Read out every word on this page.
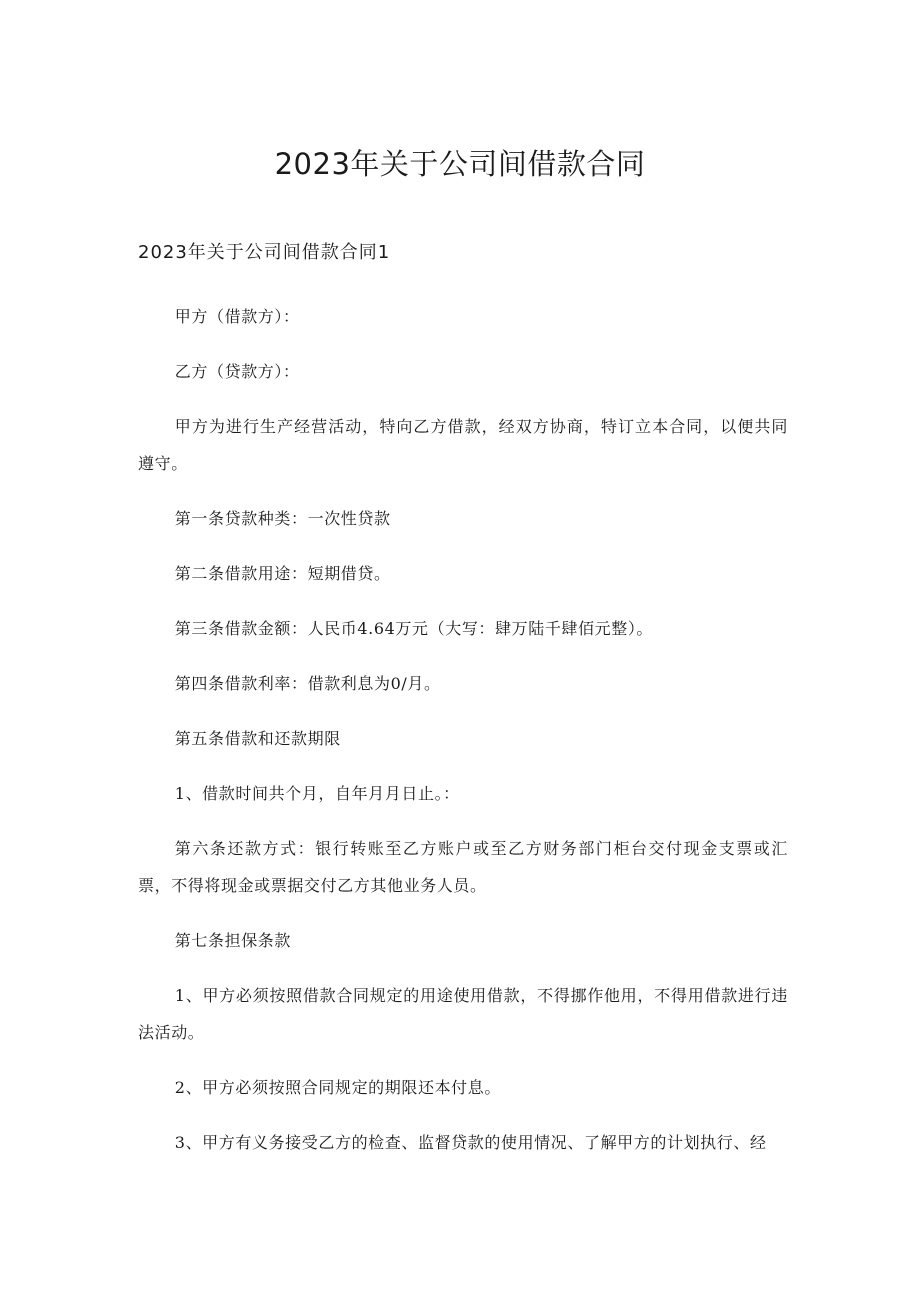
2023年关于公司间借款合同
2023年关于公司间借款合同1

甲方（借款方）：

乙方（贷款方）：

甲方为进行生产经营活动，特向乙方借款，经双方协商，特订立本合同，以便共同遵守。

第一条贷款种类：一次性贷款

第二条借款用途：短期借贷。

第三条借款金额：人民币4.64万元（大写：肆万陆千肆佰元整）。

第四条借款利率：借款利息为0/月。

第五条借款和还款期限

1、借款时间共个月，自年月月日止。：

第六条还款方式：银行转账至乙方账户或至乙方财务部门柜台交付现金支票或汇票，不得将现金或票据交付乙方其他业务人员。

第七条担保条款

1、甲方必须按照借款合同规定的用途使用借款，不得挪作他用，不得用借款进行违法活动。

2、甲方必须按照合同规定的期限还本付息。

3、甲方有义务接受乙方的检查、监督贷款的使用情况、了解甲方的计划执行、经
